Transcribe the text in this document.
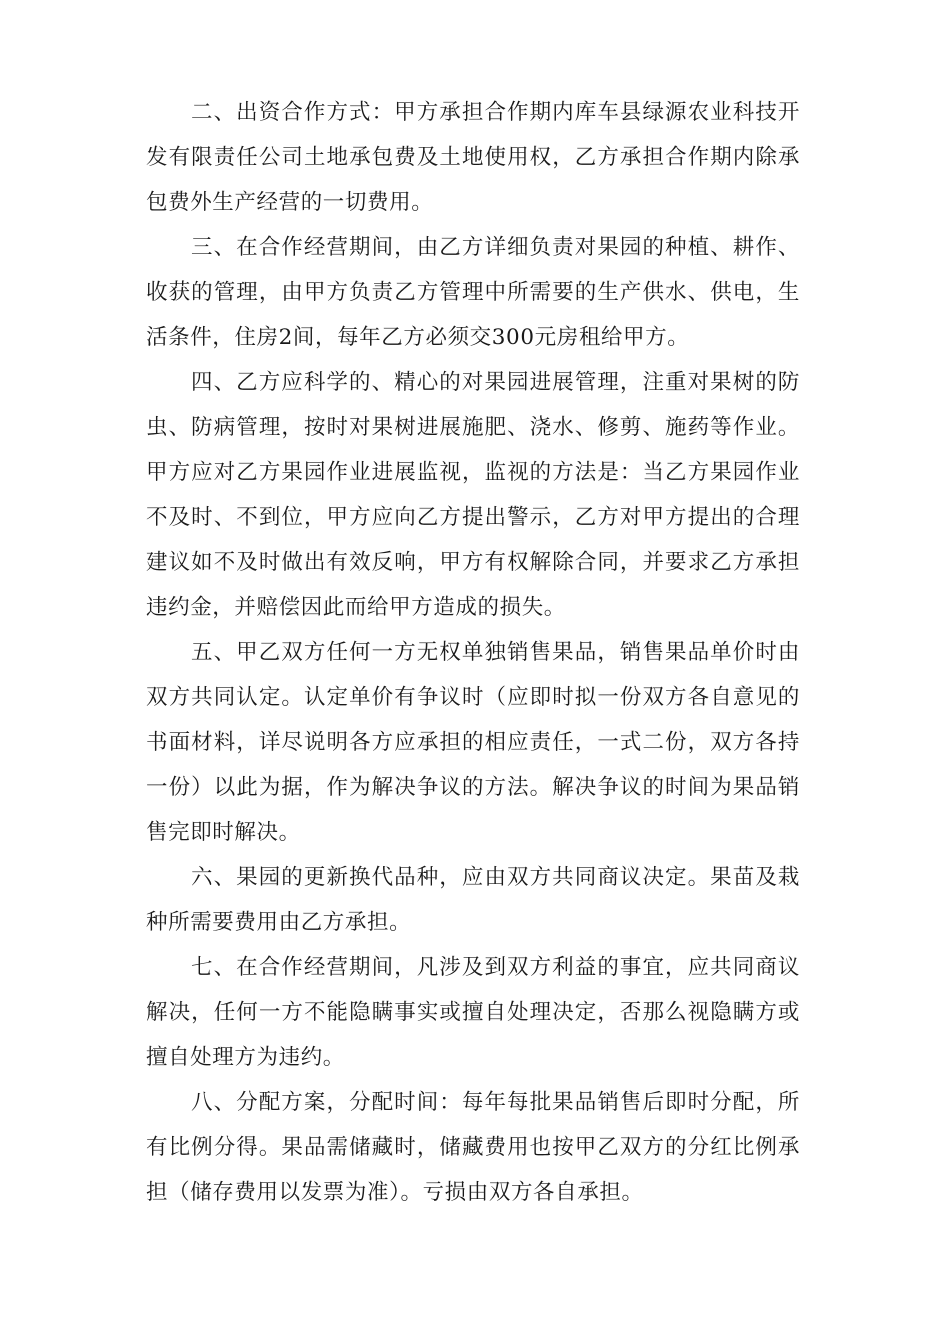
二、出资合作方式：甲方承担合作期内库车县绿源农业科技开发有限责任公司土地承包费及土地使用权，乙方承担合作期内除承包费外生产经营的一切费用。

三、在合作经营期间，由乙方详细负责对果园的种植、耕作、收获的管理，由甲方负责乙方管理中所需要的生产供水、供电，生活条件，住房2间，每年乙方必须交300元房租给甲方。

四、乙方应科学的、精心的对果园进展管理，注重对果树的防虫、防病管理，按时对果树进展施肥、浇水、修剪、施药等作业。甲方应对乙方果园作业进展监视，监视的方法是：当乙方果园作业不及时、不到位，甲方应向乙方提出警示，乙方对甲方提出的合理建议如不及时做出有效反响，甲方有权解除合同，并要求乙方承担违约金，并赔偿因此而给甲方造成的损失。

五、甲乙双方任何一方无权单独销售果品，销售果品单价时由双方共同认定。认定单价有争议时（应即时拟一份双方各自意见的书面材料，详尽说明各方应承担的相应责任，一式二份，双方各持一份）以此为据，作为解决争议的方法。解决争议的时间为果品销售完即时解决。

六、果园的更新换代品种，应由双方共同商议决定。果苗及栽种所需要费用由乙方承担。

七、在合作经营期间，凡涉及到双方利益的事宜，应共同商议解决，任何一方不能隐瞒事实或擅自处理决定，否那么视隐瞒方或擅自处理方为违约。

八、分配方案，分配时间：每年每批果品销售后即时分配，所有比例分得。果品需储藏时，储藏费用也按甲乙双方的分红比例承担（储存费用以发票为准）。亏损由双方各自承担。
